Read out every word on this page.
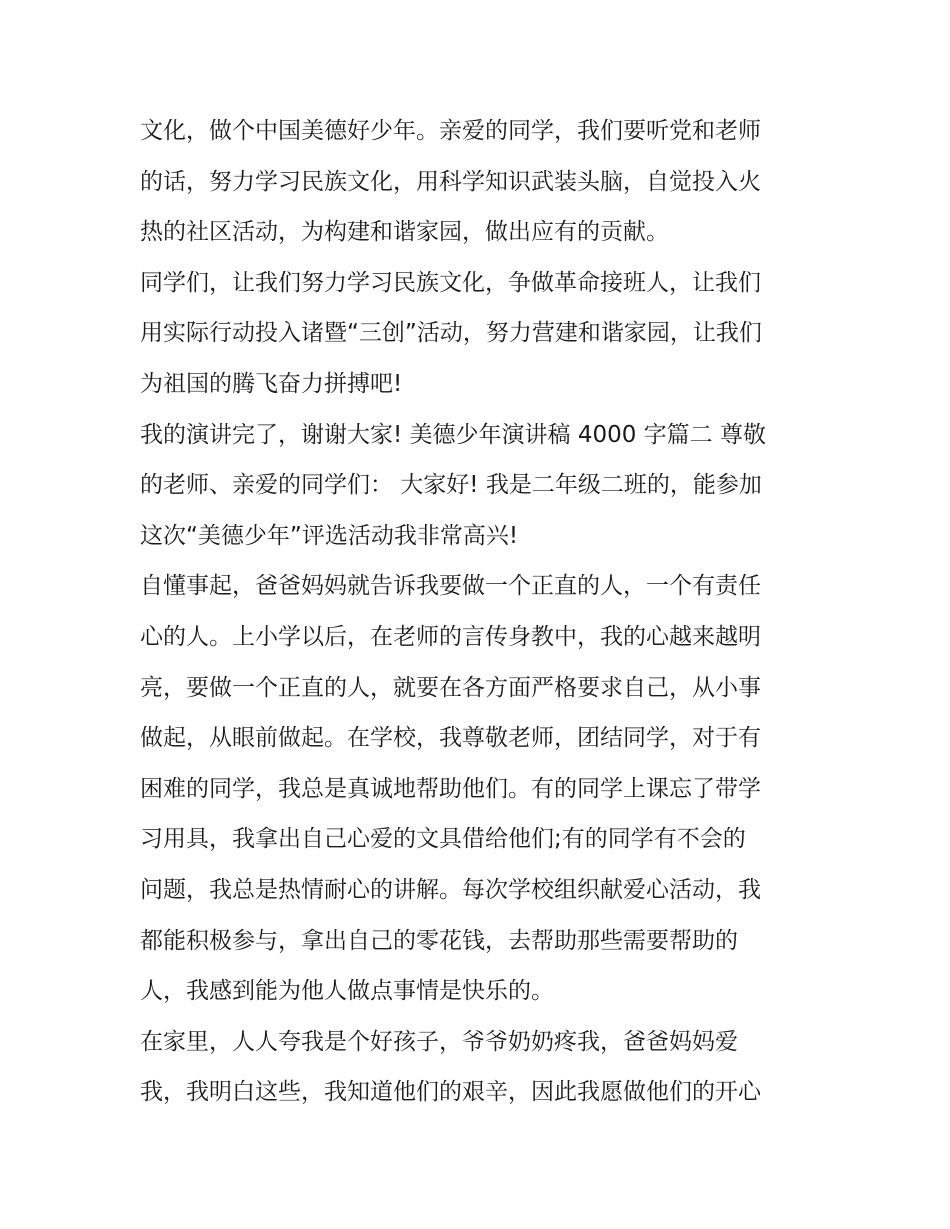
文化，做个中国美德好少年。亲爱的同学，我们要听党和老师
的话，努力学习民族文化，用科学知识武装头脑，自觉投入火
热的社区活动，为构建和谐家园，做出应有的贡献。
同学们，让我们努力学习民族文化，争做革命接班人，让我们
用实际行动投入诸暨“三创”活动，努力营建和谐家园，让我们
为祖国的腾飞奋力拼搏吧!
我的演讲完了，谢谢大家! 美德少年演讲稿 4000 字篇二 尊敬
的老师、亲爱的同学们： 大家好! 我是二年级二班的，能参加
这次“美德少年”评选活动我非常高兴!
自懂事起，爸爸妈妈就告诉我要做一个正直的人，一个有责任
心的人。上小学以后，在老师的言传身教中，我的心越来越明
亮，要做一个正直的人，就要在各方面严格要求自己，从小事
做起，从眼前做起。在学校，我尊敬老师，团结同学，对于有
困难的同学，我总是真诚地帮助他们。有的同学上课忘了带学
习用具，我拿出自己心爱的文具借给他们;有的同学有不会的
问题，我总是热情耐心的讲解。每次学校组织献爱心活动，我
都能积极参与，拿出自己的零花钱，去帮助那些需要帮助的
人，我感到能为他人做点事情是快乐的。
在家里，人人夸我是个好孩子，爷爷奶奶疼我，爸爸妈妈爱
我，我明白这些，我知道他们的艰辛，因此我愿做他们的开心
